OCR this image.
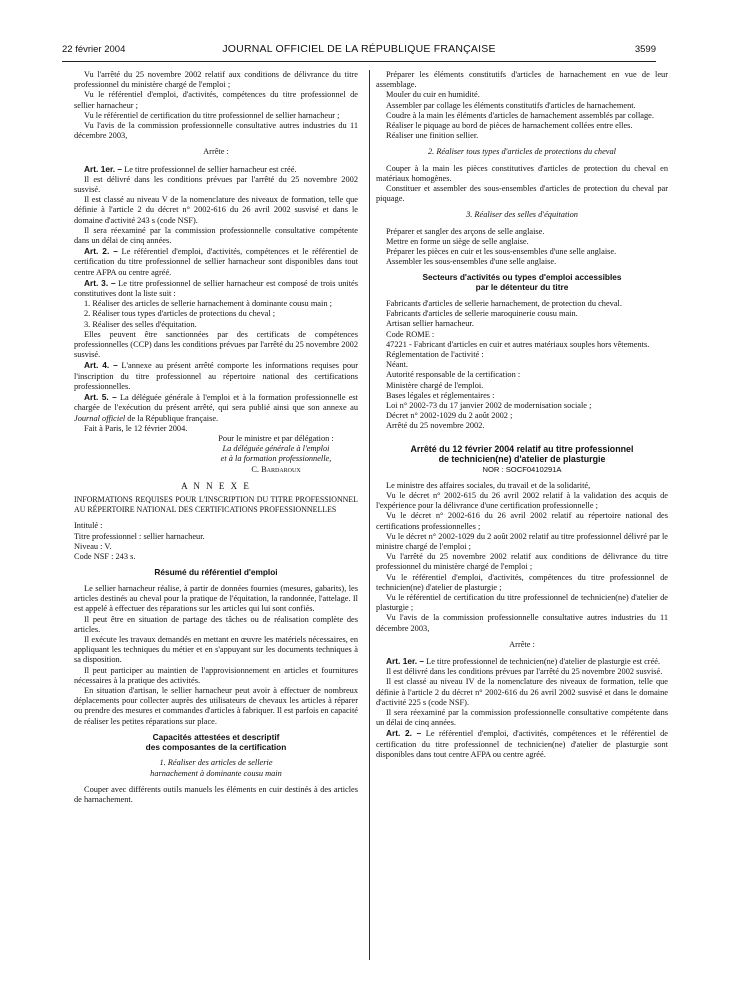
22 février 2004	JOURNAL OFFICIEL DE LA RÉPUBLIQUE FRANÇAISE	3599

Vu l'arrêté du 25 novembre 2002 relatif aux conditions de délivrance du titre professionnel du ministère chargé de l'emploi ;

Vu le référentiel d'emploi, d'activités, compétences du titre professionnel de sellier harnacheur ;

Vu le référentiel de certification du titre professionnel de sellier harnacheur ;

Vu l'avis de la commission professionnelle consultative autres industries du 11 décembre 2003,

Arrête :

Art. 1er. – Le titre professionnel de sellier harnacheur est créé.

Il est délivré dans les conditions prévues par l'arrêté du 25 novembre 2002 susvisé.

Il est classé au niveau V de la nomenclature des niveaux de formation, telle que définie à l'article 2 du décret n° 2002-616 du 26 avril 2002 susvisé et dans le domaine d'activité 243 s (code NSF).

Il sera réexaminé par la commission professionnelle consultative compétente dans un délai de cinq années.

Art. 2. – Le référentiel d'emploi, d'activités, compétences et le référentiel de certification du titre professionnel de sellier harnacheur sont disponibles dans tout centre AFPA ou centre agréé.

Art. 3. – Le titre professionnel de sellier harnacheur est composé de trois unités constitutives dont la liste suit :

1. Réaliser des articles de sellerie harnachement à dominante cousu main ;

2. Réaliser tous types d'articles de protections du cheval ;

3. Réaliser des selles d'équitation.

Elles peuvent être sanctionnées par des certificats de compétences professionnelles (CCP) dans les conditions prévues par l'arrêté du 25 novembre 2002 susvisé.

Art. 4. – L'annexe au présent arrêté comporte les informations requises pour l'inscription du titre professionnel au répertoire national des certifications professionnelles.

Art. 5. – La déléguée générale à l'emploi et à la formation professionnelle est chargée de l'exécution du présent arrêté, qui sera publié ainsi que son annexe au Journal officiel de la République française.

Fait à Paris, le 12 février 2004.

Pour le ministre et par délégation :

La déléguée générale à l'emploi

et à la formation professionnelle,

C. Bardaroux

A N N E X E

INFORMATIONS REQUISES POUR L'INSCRIPTION DU TITRE PROFESSIONNEL AU RÉPERTOIRE NATIONAL DES CERTIFICATIONS PROFESSIONNELLES

Intitulé :

Titre professionnel : sellier harnacheur.

Niveau : V.

Code NSF : 243 s.

Résumé du référentiel d'emploi

Le sellier harnacheur réalise, à partir de données fournies (mesures, gabarits), les articles destinés au cheval pour la pratique de l'équitation, la randonnée, l'attelage. Il est appelé à effectuer des réparations sur les articles qui lui sont confiés.

Il peut être en situation de partage des tâches ou de réalisation complète des articles.

Il exécute les travaux demandés en mettant en œuvre les matériels nécessaires, en appliquant les techniques du métier et en s'appuyant sur les documents techniques à sa disposition.

Il peut participer au maintien de l'approvisionnement en articles et fournitures nécessaires à la pratique des activités.

En situation d'artisan, le sellier harnacheur peut avoir à effectuer de nombreux déplacements pour collecter auprès des utilisateurs de chevaux les articles à réparer ou prendre des mesures et commandes d'articles à fabriquer. Il est parfois en capacité de réaliser les petites réparations sur place.

Capacités attestées et descriptif

des composantes de la certification

1. Réaliser des articles de sellerie

harnachement à dominante cousu main

Couper avec différents outils manuels les éléments en cuir destinés à des articles de harnachement.

Préparer les éléments constitutifs d'articles de harnachement en vue de leur assemblage.

Mouler du cuir en humidité.

Assembler par collage les éléments constitutifs d'articles de harnachement.

Coudre à la main les éléments d'articles de harnachement assemblés par collage.

Réaliser le piquage au bord de pièces de harnachement collées entre elles.

Réaliser une finition sellier.

2. Réaliser tous types d'articles de protections du cheval

Couper à la main les pièces constitutives d'articles de protection du cheval en matériaux homogènes.

Constituer et assembler des sous-ensembles d'articles de protection du cheval par piquage.

3. Réaliser des selles d'équitation

Préparer et sangler des arçons de selle anglaise.

Mettre en forme un siège de selle anglaise.

Préparer les pièces en cuir et les sous-ensembles d'une selle anglaise.

Assembler les sous-ensembles d'une selle anglaise.

Secteurs d'activités ou types d'emploi accessibles

par le détenteur du titre

Fabricants d'articles de sellerie harnachement, de protection du cheval.

Fabricants d'articles de sellerie maroquinerie cousu main.

Artisan sellier harnacheur.

Code ROME :

47221 - Fabricant d'articles en cuir et autres matériaux souples hors vêtements.

Réglementation de l'activité :

Néant.

Autorité responsable de la certification :

Ministère chargé de l'emploi.

Bases légales et réglementaires :

Loi n° 2002-73 du 17 janvier 2002 de modernisation sociale ;

Décret n° 2002-1029 du 2 août 2002 ;

Arrêté du 25 novembre 2002.

Arrêté du 12 février 2004 relatif au titre professionnel

de technicien(ne) d'atelier de plasturgie

NOR : SOCF0410291A

Le ministre des affaires sociales, du travail et de la solidarité,

Vu le décret n° 2002-615 du 26 avril 2002 relatif à la validation des acquis de l'expérience pour la délivrance d'une certification professionnelle ;

Vu le décret n° 2002-616 du 26 avril 2002 relatif au répertoire national des certifications professionnelles ;

Vu le décret n° 2002-1029 du 2 août 2002 relatif au titre professionnel délivré par le ministre chargé de l'emploi ;

Vu l'arrêté du 25 novembre 2002 relatif aux conditions de délivrance du titre professionnel du ministère chargé de l'emploi ;

Vu le référentiel d'emploi, d'activités, compétences du titre professionnel de technicien(ne) d'atelier de plasturgie ;

Vu le référentiel de certification du titre professionnel de technicien(ne) d'atelier de plasturgie ;

Vu l'avis de la commission professionnelle consultative autres industries du 11 décembre 2003,

Arrête :

Art. 1er. – Le titre professionnel de technicien(ne) d'atelier de plasturgie est créé.

Il est délivré dans les conditions prévues par l'arrêté du 25 novembre 2002 susvisé.

Il est classé au niveau IV de la nomenclature des niveaux de formation, telle que définie à l'article 2 du décret n° 2002-616 du 26 avril 2002 susvisé et dans le domaine d'activité 225 s (code NSF).

Il sera réexaminé par la commission professionnelle consultative compétente dans un délai de cinq années.

Art. 2. – Le référentiel d'emploi, d'activités, compétences et le référentiel de certification du titre professionnel de technicien(ne) d'atelier de plasturgie sont disponibles dans tout centre AFPA ou centre agréé.
